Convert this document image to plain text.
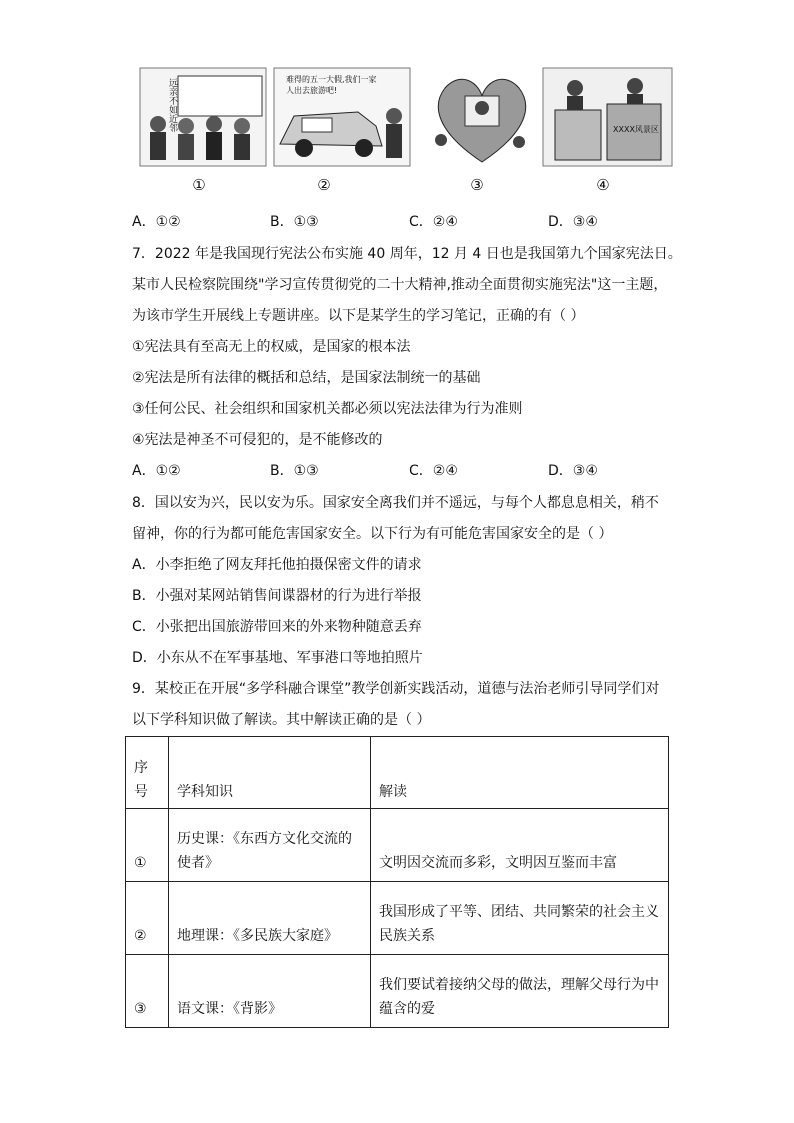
远亲不如近邻	难得的五一大假,我们一家人出去旅游吧!
XXXX风景区
①	②	③	④
A．①②	B．①③	C．②④	D．③④
7．2022 年是我国现行宪法公布实施 40 周年，12 月 4 日也是我国第九个国家宪法日。
某市人民检察院围绕"学习宣传贯彻党的二十大精神,推动全面贯彻实施宪法"这一主题，
为该市学生开展线上专题讲座。以下是某学生的学习笔记，正确的有（ ）
①宪法具有至高无上的权威，是国家的根本法
②宪法是所有法律的概括和总结，是国家法制统一的基础
③任何公民、社会组织和国家机关都必须以宪法法律为行为准则
④宪法是神圣不可侵犯的，是不能修改的
A．①②	B．①③	C．②④	D．③④
8．国以安为兴，民以安为乐。国家安全离我们并不遥远，与每个人都息息相关，稍不
留神，你的行为都可能危害国家安全。以下行为有可能危害国家安全的是（ ）
A．小李拒绝了网友拜托他拍摄保密文件的请求
B．小强对某网站销售间谍器材的行为进行举报
C．小张把出国旅游带回来的外来物种随意丢弃
D．小东从不在军事基地、军事港口等地拍照片
9．某校正在开展“多学科融合课堂”教学创新实践活动，道德与法治老师引导同学们对
以下学科知识做了解读。其中解读正确的是（ ）
序号	学科知识	解读
①	历史课：《东西方文化交流的使者》	文明因交流而多彩，文明因互鉴而丰富
②	地理课：《多民族大家庭》	我国形成了平等、团结、共同繁荣的社会主义民族关系
③	语文课：《背影》	我们要试着接纳父母的做法，理解父母行为中蕴含的爱
